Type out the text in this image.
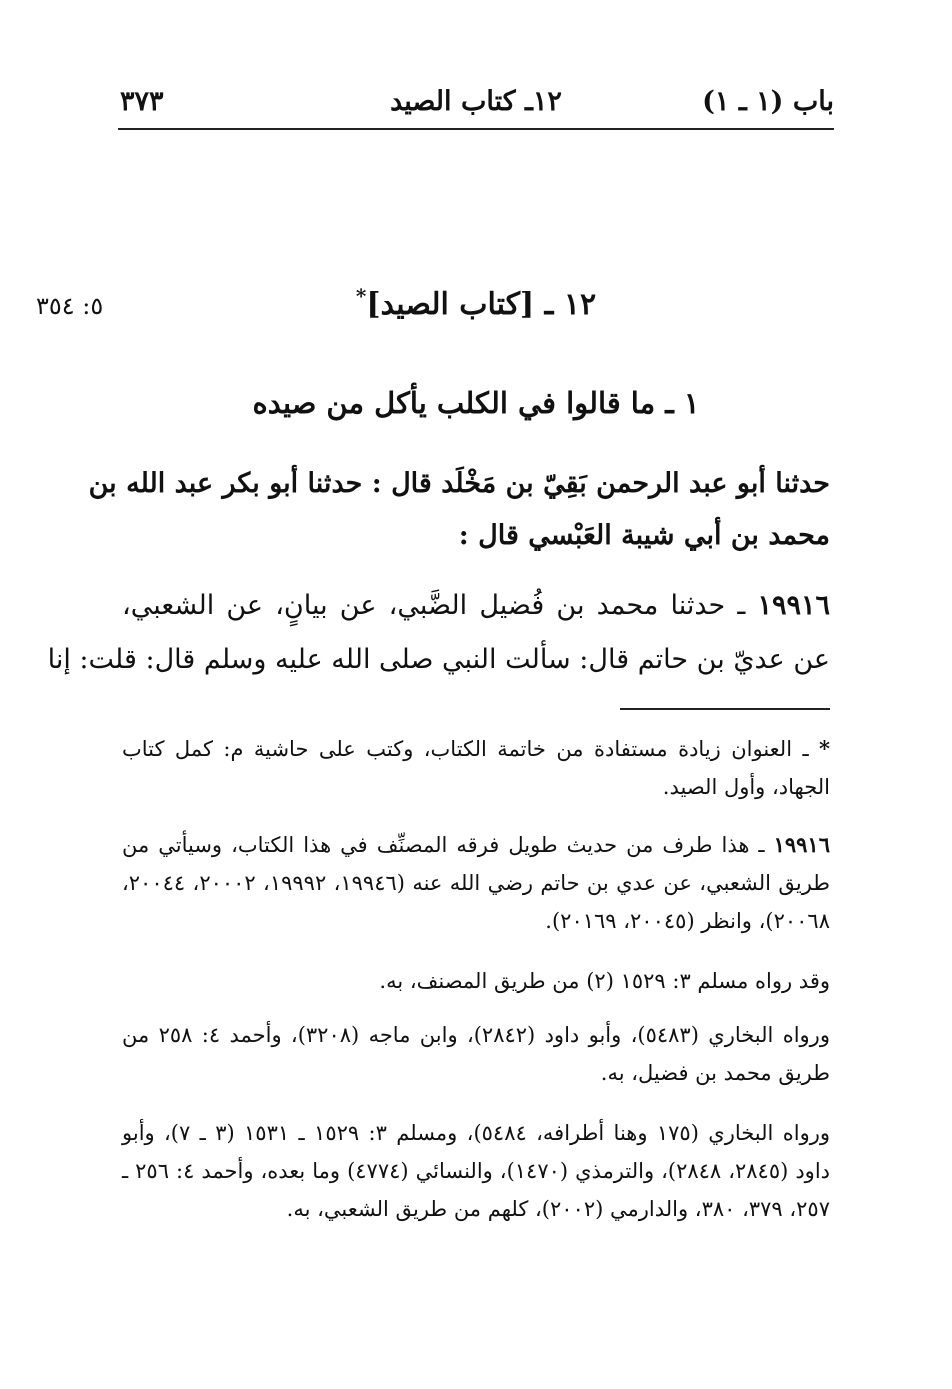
باب (١ ـ ١)
١٢ـ كتاب الصيد
٣٧٣
٥: ٣٥٤	١٢ ـ [كتاب الصيد]*
١ ـ ما قالوا في الكلب يأكل من صيده
حدثنا أبو عبد الرحمن بَقِيّ بن مَخْلَد قال : حدثنا أبو بكر عبد الله بن
محمد بن أبي شيبة العَبْسي قال :
١٩٩١٦ ـ حدثنا محمد بن فُضيل الضَّبي، عن بيانٍ، عن الشعبي،
عن عديّ بن حاتم قال: سألت النبي صلى الله عليه وسلم قال: قلت: إنا
* ـ العنوان زيادة مستفادة من خاتمة الكتاب، وكتب على حاشية م: كمل كتاب الجهاد، وأول الصيد.
١٩٩١٦ ـ هذا طرف من حديث طويل فرقه المصنِّف في هذا الكتاب، وسيأتي من طريق الشعبي، عن عدي بن حاتم رضي الله عنه (١٩٩٤٦، ١٩٩٩٢، ٢٠٠٠٢، ٢٠٠٤٤، ٢٠٠٦٨)، وانظر (٢٠٠٤٥، ٢٠١٦٩).
وقد رواه مسلم ٣: ١٥٢٩ (٢) من طريق المصنف، به.
ورواه البخاري (٥٤٨٣)، وأبو داود (٢٨٤٢)، وابن ماجه (٣٢٠٨)، وأحمد ٤: ٢٥٨ من طريق محمد بن فضيل، به.
ورواه البخاري (١٧٥ وهنا أطرافه، ٥٤٨٤)، ومسلم ٣: ١٥٢٩ ـ ١٥٣١ (٣ ـ ٧)، وأبو داود (٢٨٤٥، ٢٨٤٨)، والترمذي (١٤٧٠)، والنسائي (٤٧٧٤) وما بعده، وأحمد ٤: ٢٥٦ ـ ٢٥٧، ٣٧٩، ٣٨٠، والدارمي (٢٠٠٢)، كلهم من طريق الشعبي، به.
